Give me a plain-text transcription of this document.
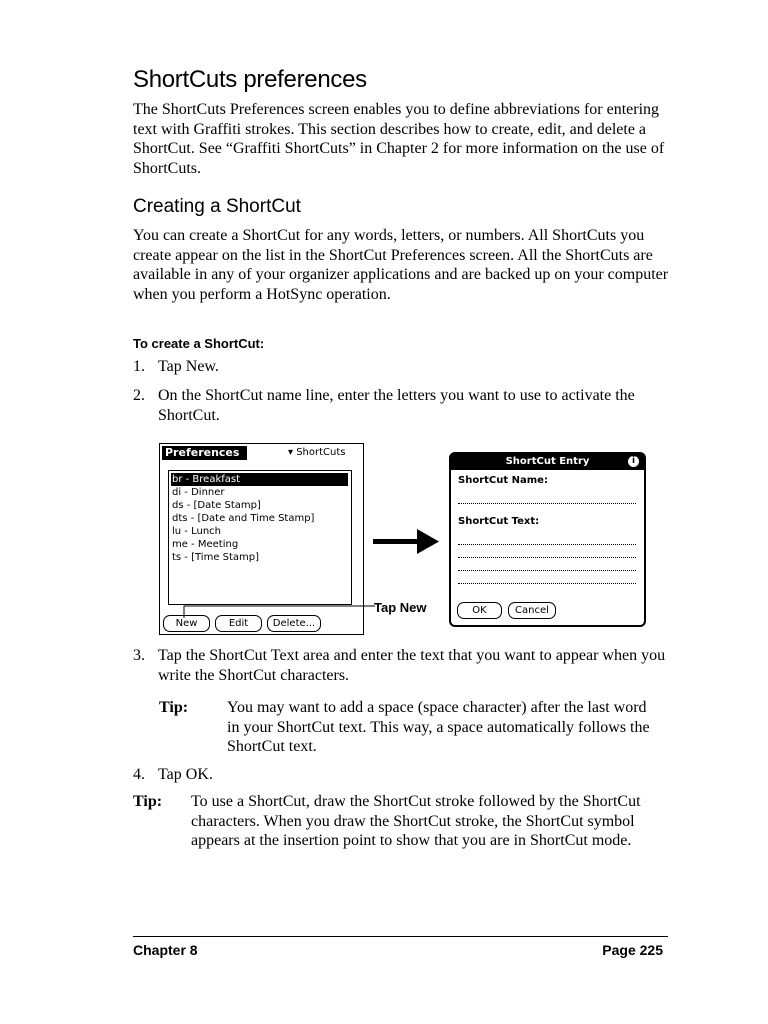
ShortCuts preferences

The ShortCuts Preferences screen enables you to define abbreviations for entering text with Graffiti strokes. This section describes how to create, edit, and delete a ShortCut. See “Graffiti ShortCuts” in Chapter 2 for more information on the use of ShortCuts.

Creating a ShortCut

You can create a ShortCut for any words, letters, or numbers. All ShortCuts you create appear on the list in the ShortCut Preferences screen. All the ShortCuts are available in any of your organizer applications and are backed up on your computer when you perform a HotSync operation.

To create a ShortCut:
1. Tap New.
2. On the ShortCut name line, enter the letters you want to use to activate the ShortCut.
Preferences	▾ ShortCuts
br - Breakfast
di - Dinner
ds - [Date Stamp]
dts - [Date and Time Stamp]
lu - Lunch
me - Meeting
ts - [Time Stamp]
New	Edit	Delete...
Tap New
ShortCut Entry	i
ShortCut Name:
ShortCut Text:
OK	Cancel
3. Tap the ShortCut Text area and enter the text that you want to appear when you write the ShortCut characters.
Tip: You may want to add a space (space character) after the last word in your ShortCut text. This way, a space automatically follows the ShortCut text.
4. Tap OK.
Tip: To use a ShortCut, draw the ShortCut stroke followed by the ShortCut characters. When you draw the ShortCut stroke, the ShortCut symbol appears at the insertion point to show that you are in ShortCut mode.
Chapter 8	Page 225
